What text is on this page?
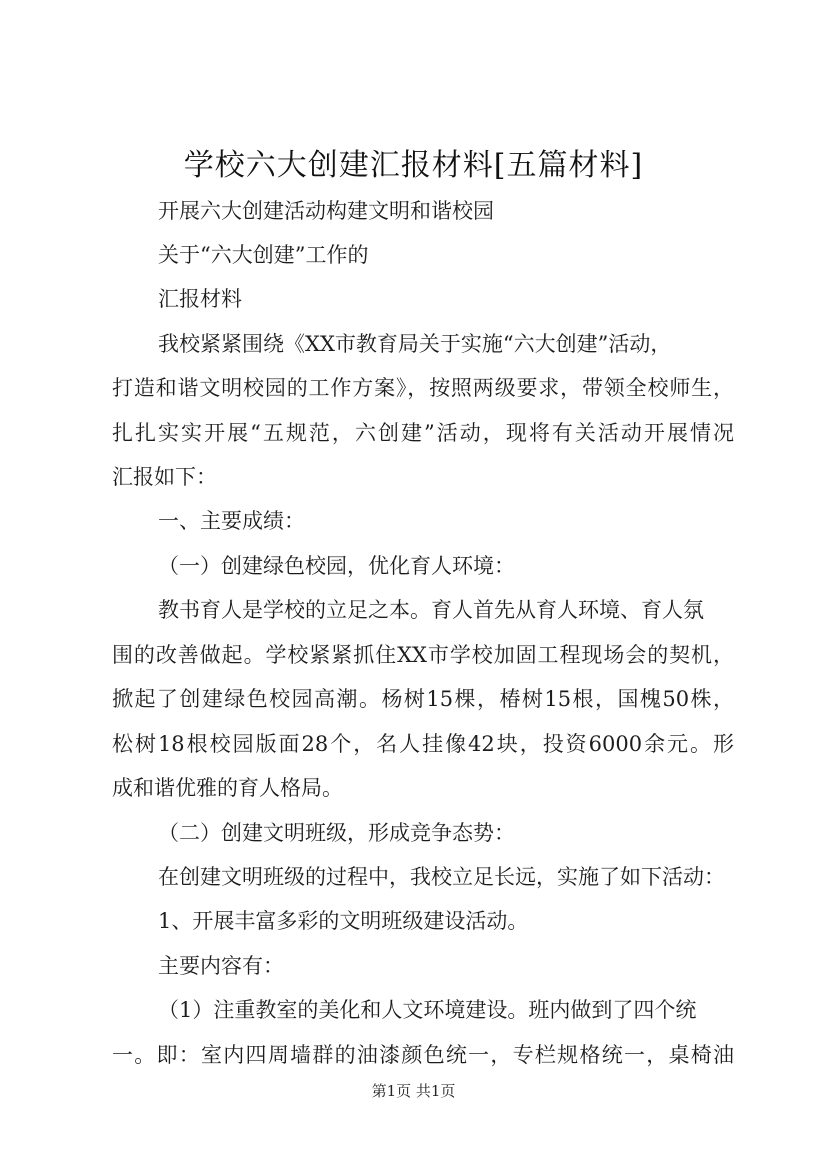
学校六大创建汇报材料[五篇材料]
开展六大创建活动构建文明和谐校园
关于“六大创建”工作的
汇报材料
我校紧紧围绕《XX市教育局关于实施“六大创建”活动，
打造和谐文明校园的工作方案》，按照两级要求，带领全校师生，
扎扎实实开展“五规范，六创建”活动，现将有关活动开展情况
汇报如下：
一、主要成绩：
（一）创建绿色校园，优化育人环境：
教书育人是学校的立足之本。育人首先从育人环境、育人氛
围的改善做起。学校紧紧抓住XX市学校加固工程现场会的契机，
掀起了创建绿色校园高潮。杨树15棵，椿树15根，国槐50株，
松树18根校园版面28个，名人挂像42块，投资6000余元。形
成和谐优雅的育人格局。
（二）创建文明班级，形成竞争态势：
在创建文明班级的过程中，我校立足长远，实施了如下活动：
1、开展丰富多彩的文明班级建设活动。
主要内容有：
（1）注重教室的美化和人文环境建设。班内做到了四个统
一。即：室内四周墙群的油漆颜色统一，专栏规格统一，桌椅油
第1页 共1页
